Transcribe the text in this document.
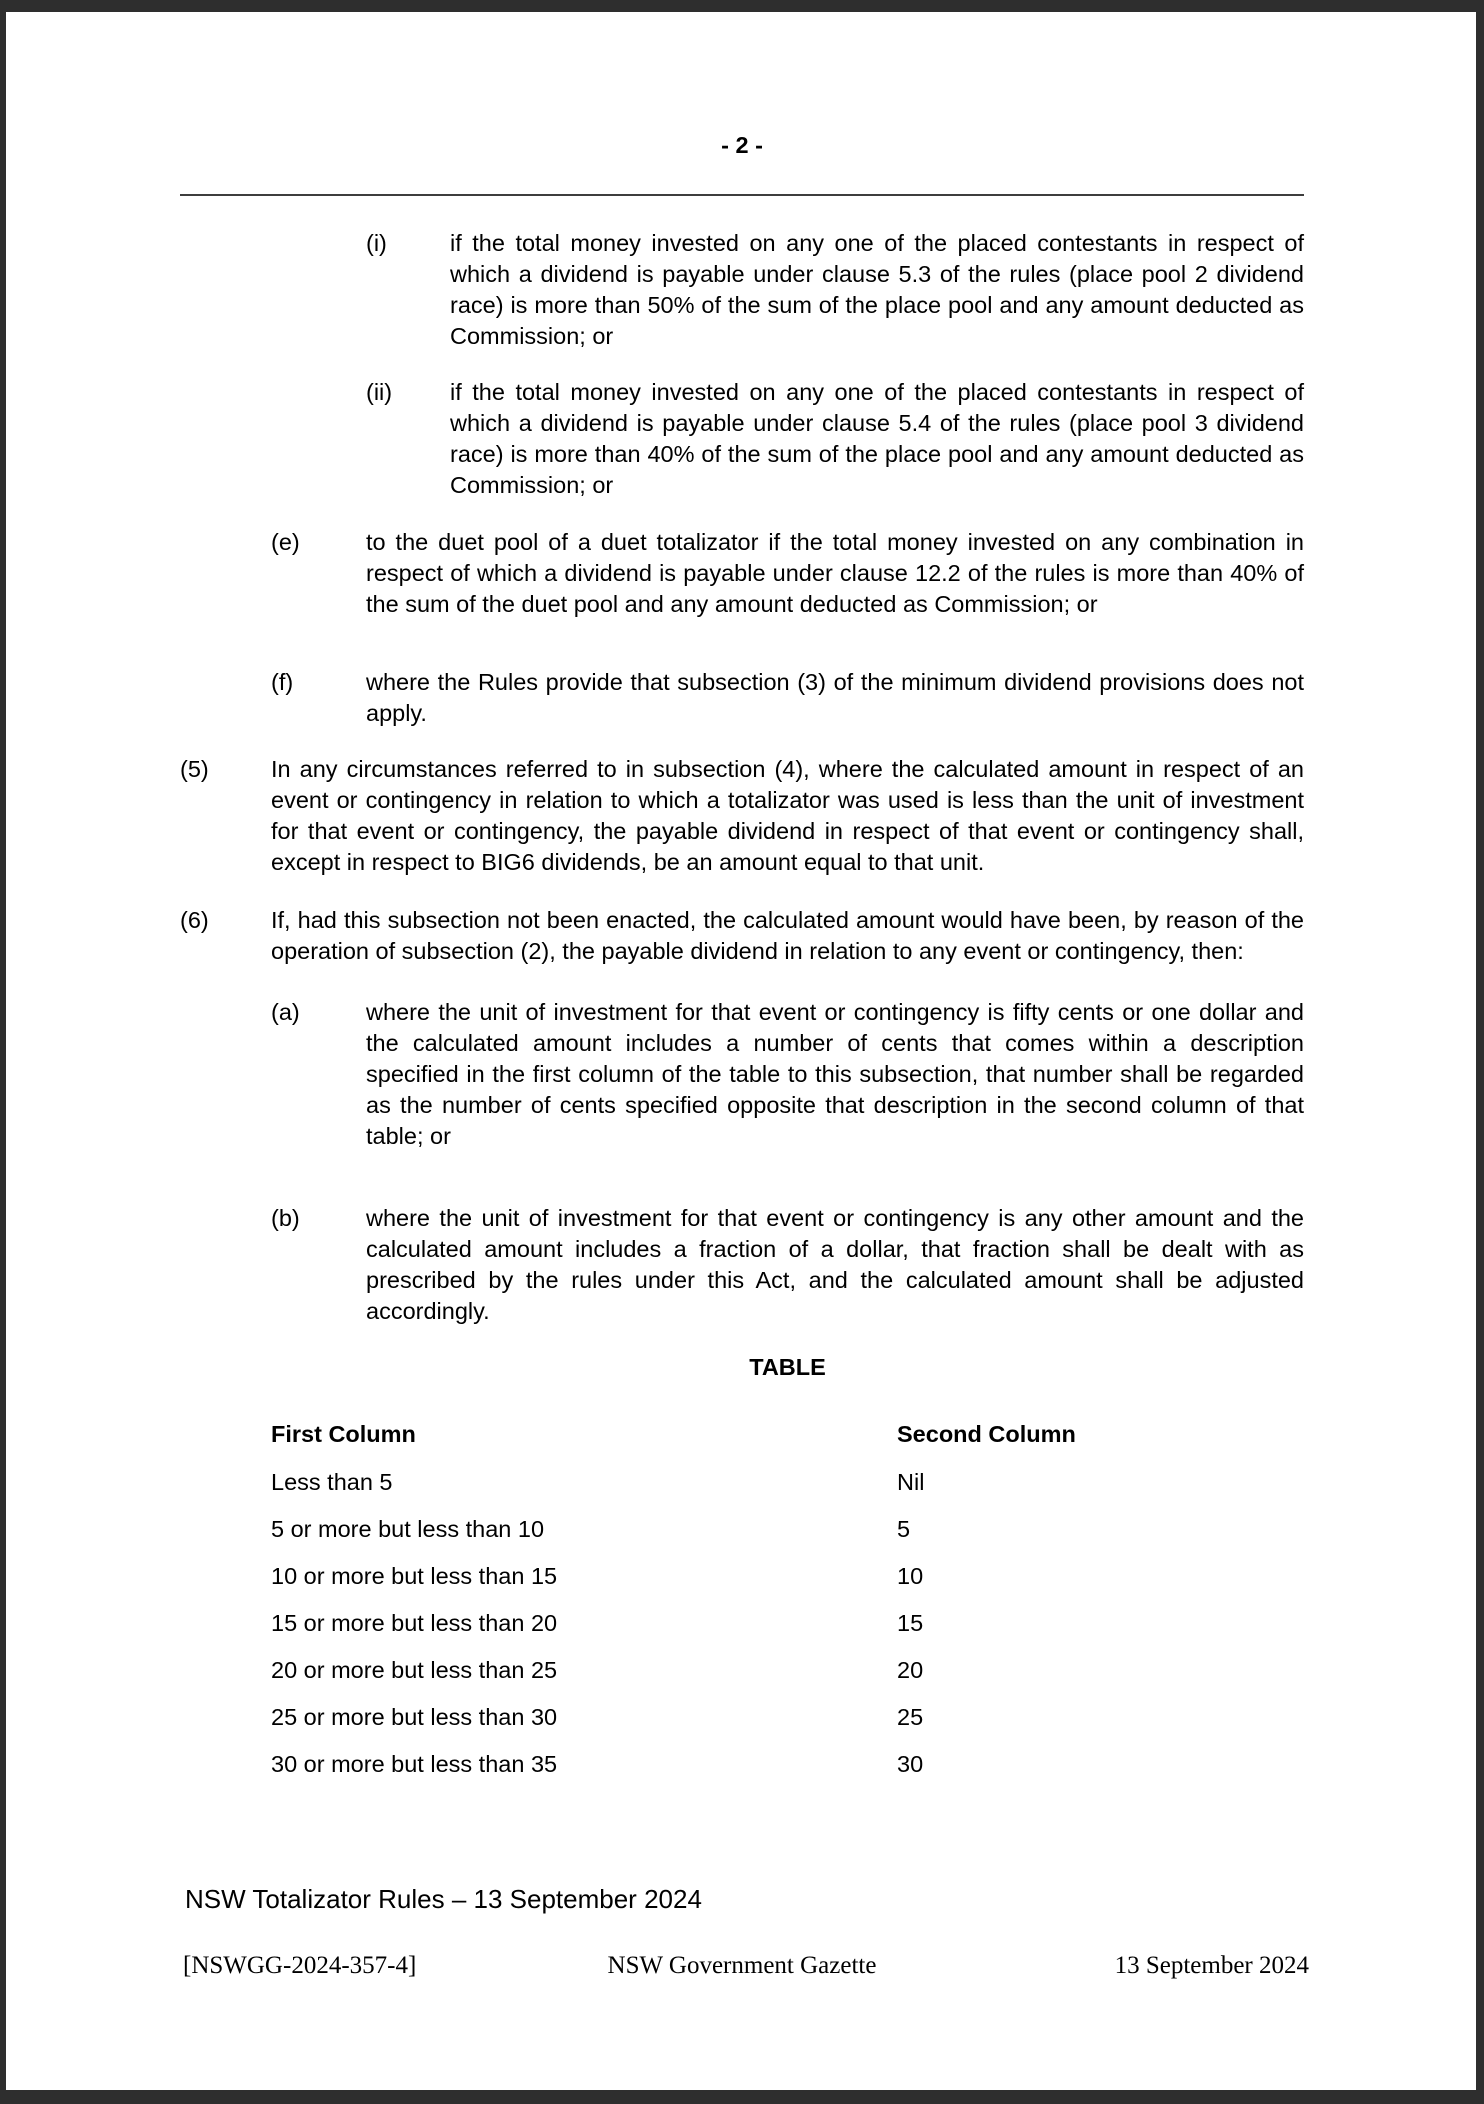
- 2 -
(i)	if the total money invested on any one of the placed contestants in respect of which a dividend is payable under clause 5.3 of the rules (place pool 2 dividend race) is more than 50% of the sum of the place pool and any amount deducted as Commission; or
(ii)	if the total money invested on any one of the placed contestants in respect of which a dividend is payable under clause 5.4 of the rules (place pool 3 dividend race) is more than 40% of the sum of the place pool and any amount deducted as Commission; or
(e)	to the duet pool of a duet totalizator if the total money invested on any combination in respect of which a dividend is payable under clause 12.2 of the rules is more than 40% of the sum of the duet pool and any amount deducted as Commission; or
(f)	where the Rules provide that subsection (3) of the minimum dividend provisions does not apply.
(5)	In any circumstances referred to in subsection (4), where the calculated amount in respect of an event or contingency in relation to which a totalizator was used is less than the unit of investment for that event or contingency, the payable dividend in respect of that event or contingency shall, except in respect to BIG6 dividends, be an amount equal to that unit.
(6)	If, had this subsection not been enacted, the calculated amount would have been, by reason of the operation of subsection (2), the payable dividend in relation to any event or contingency, then:
(a)	where the unit of investment for that event or contingency is fifty cents or one dollar and the calculated amount includes a number of cents that comes within a description specified in the first column of the table to this subsection, that number shall be regarded as the number of cents specified opposite that description in the second column of that table; or
(b)	where the unit of investment for that event or contingency is any other amount and the calculated amount includes a fraction of a dollar, that fraction shall be dealt with as prescribed by the rules under this Act, and the calculated amount shall be adjusted accordingly.
TABLE
First Column	Second Column
Less than 5	Nil
5 or more but less than 10	5
10 or more but less than 15	10
15 or more but less than 20	15
20 or more but less than 25	20
25 or more but less than 30	25
30 or more but less than 35	30
NSW Totalizator Rules – 13 September 2024
[NSWGG-2024-357-4]	NSW Government Gazette	13 September 2024
